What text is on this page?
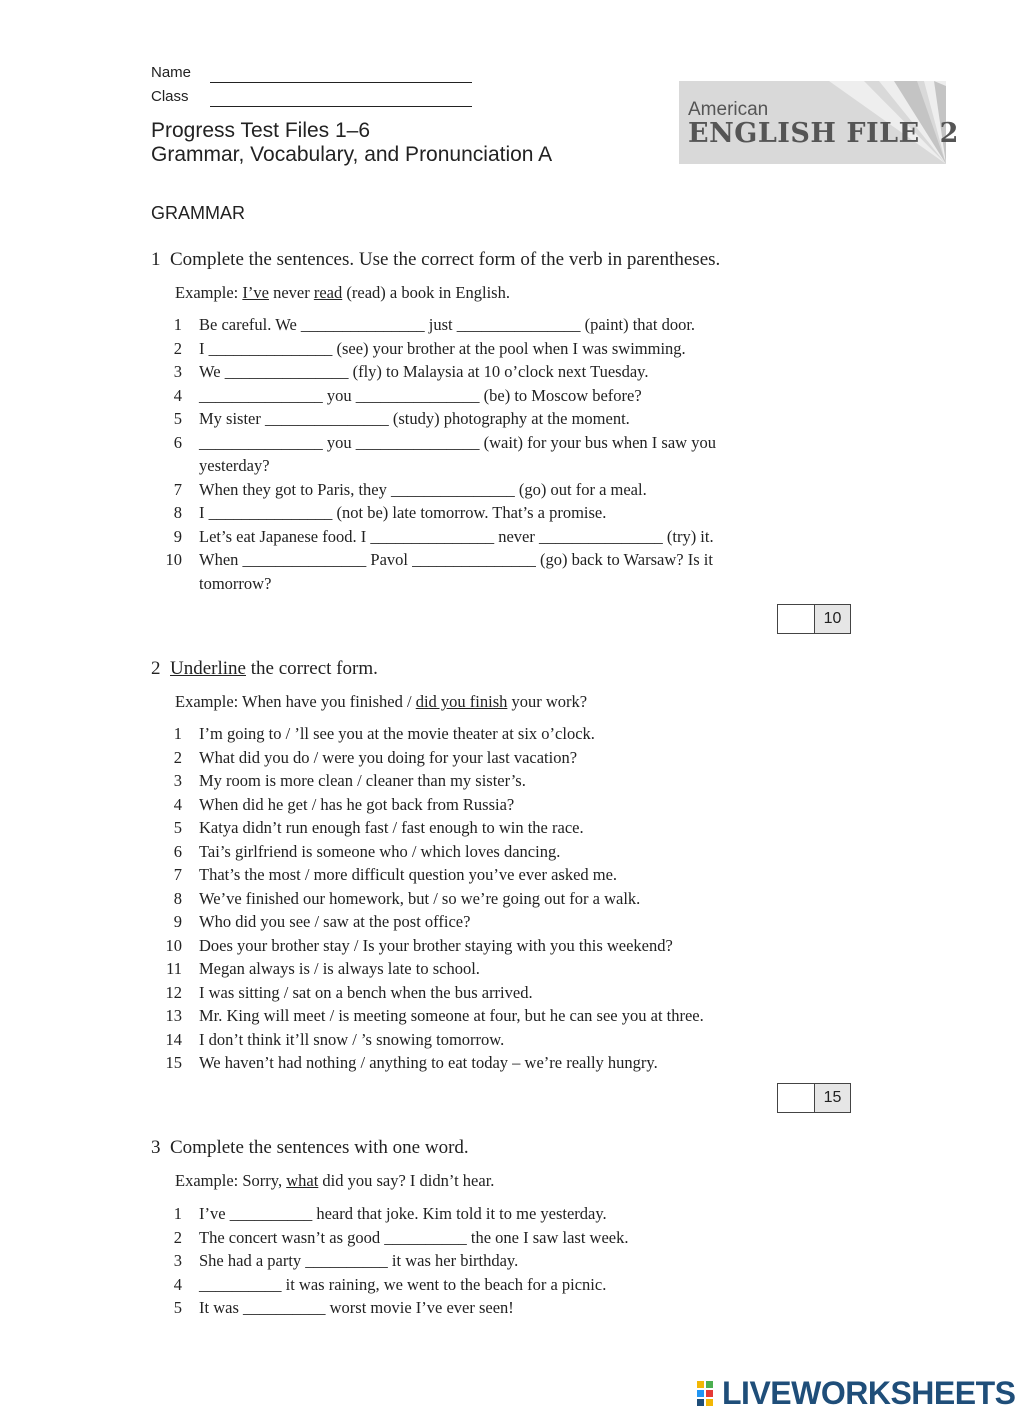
Name
Class
Progress Test Files 1–6
Grammar, Vocabulary, and Pronunciation A
American
ENGLISH FILE 2
GRAMMAR
1 Complete the sentences. Use the correct form of the verb in parentheses.
Example: I’ve never read (read) a book in English.
1 Be careful. We _______________ just _______________ (paint) that door.
2 I _______________ (see) your brother at the pool when I was swimming.
3 We _______________ (fly) to Malaysia at 10 o’clock next Tuesday.
4 _______________ you _______________ (be) to Moscow before?
5 My sister _______________ (study) photography at the moment.
6 _______________ you _______________ (wait) for your bus when I saw you
yesterday?
7 When they got to Paris, they _______________ (go) out for a meal.
8 I _______________ (not be) late tomorrow. That’s a promise.
9 Let’s eat Japanese food. I _______________ never _______________ (try) it.
10 When _______________ Pavol _______________ (go) back to Warsaw? Is it
tomorrow?
10
2 Underline the correct form.
Example: When have you finished / did you finish your work?
1 I’m going to / ’ll see you at the movie theater at six o’clock.
2 What did you do / were you doing for your last vacation?
3 My room is more clean / cleaner than my sister’s.
4 When did he get / has he got back from Russia?
5 Katya didn’t run enough fast / fast enough to win the race.
6 Tai’s girlfriend is someone who / which loves dancing.
7 That’s the most / more difficult question you’ve ever asked me.
8 We’ve finished our homework, but / so we’re going out for a walk.
9 Who did you see / saw at the post office?
10 Does your brother stay / Is your brother staying with you this weekend?
11 Megan always is / is always late to school.
12 I was sitting / sat on a bench when the bus arrived.
13 Mr. King will meet / is meeting someone at four, but he can see you at three.
14 I don’t think it’ll snow / ’s snowing tomorrow.
15 We haven’t had nothing / anything to eat today – we’re really hungry.
15
3 Complete the sentences with one word.
Example: Sorry, what did you say? I didn’t hear.
1 I’ve __________ heard that joke. Kim told it to me yesterday.
2 The concert wasn’t as good __________ the one I saw last week.
3 She had a party __________ it was her birthday.
4 __________ it was raining, we went to the beach for a picnic.
5 It was __________ worst movie I’ve ever seen!
LIVEWORKSHEETS
